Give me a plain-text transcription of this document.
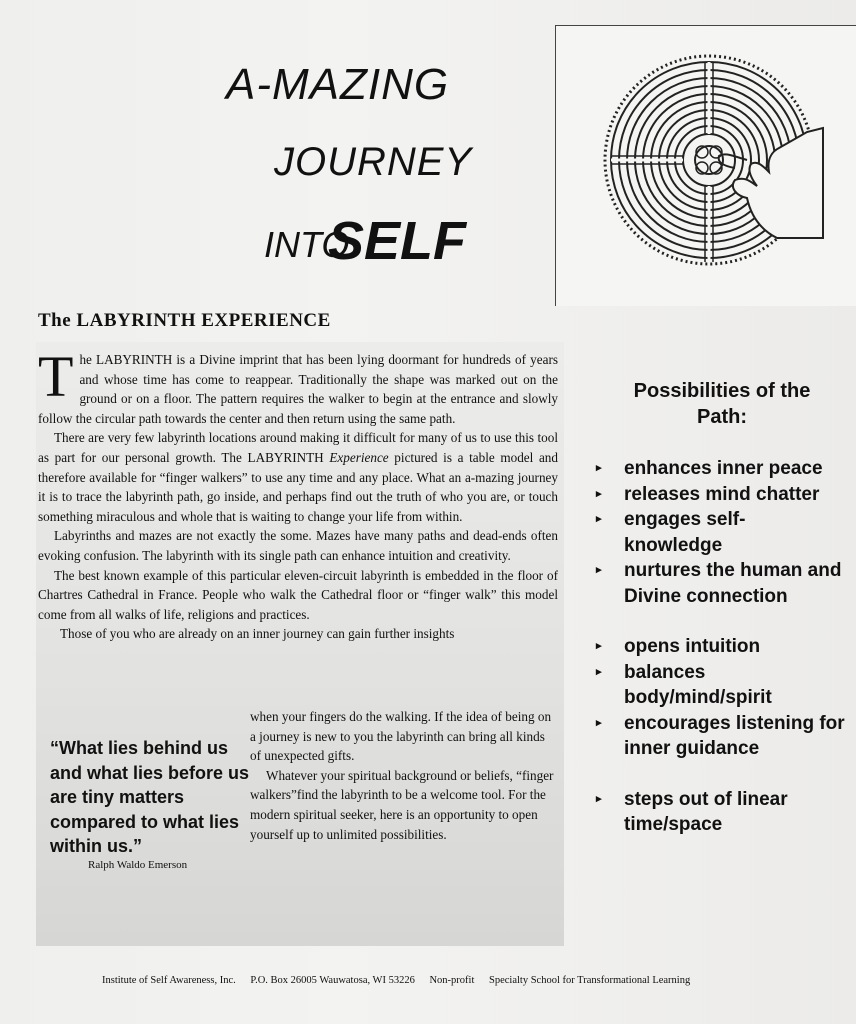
A-MAZING
JOURNEY
INTO
SELF
The LABYRINTH EXPERIENCE

The LABYRINTH is a Divine imprint that has been lying doormant for hundreds of years and whose time has come to reappear. Traditionally the shape was marked out on the ground or on a floor. The pattern requires the walker to begin at the entrance and slowly follow the circular path towards the center and then return using the same path.

There are very few labyrinth locations around making it difficult for many of us to use this tool as part for our personal growth. The LABYRINTH Experience pictured is a table model and therefore available for “finger walkers” to use any time and any place. What an a-mazing journey it is to trace the labyrinth path, go inside, and perhaps find out the truth of who you are, or touch something miraculous and whole that is waiting to change your life from within.

Labyrinths and mazes are not exactly the some. Mazes have many paths and dead-ends often evoking confusion. The labyrinth with its single path can enhance intuition and creativity.

The best known example of this particular eleven-circuit labyrinth is embedded in the floor of Chartres Cathedral in France. People who walk the Cathedral floor or “finger walk” this model come from all walks of life, religions and practices.

Those of you who are already on an inner journey can gain further insights

when your fingers do the walking. If the idea of being on a journey is new to you the labyrinth can bring all kinds of unexpected gifts.

Whatever your spiritual background or beliefs, “finger walkers”find the labyrinth to be a welcome tool. For the modern spiritual seeker, here is an opportunity to open yourself up to unlimited possibilities.

“What lies behind us and what lies before us are tiny matters compared to what lies within us.”
Ralph Waldo Emerson
Possibilities of the Path:
▸ enhances inner peace
▸ releases mind chatter
▸ engages self-knowledge
▸ nurtures the human and Divine connection
▸ opens intuition
▸ balances body/mind/spirit
▸ encourages listening for inner guidance
▸ steps out of linear time/space
Institute of Self Awareness, Inc. P.O. Box 26005 Wauwatosa, WI 53226 Non-profit Specialty School for Transformational Learning
